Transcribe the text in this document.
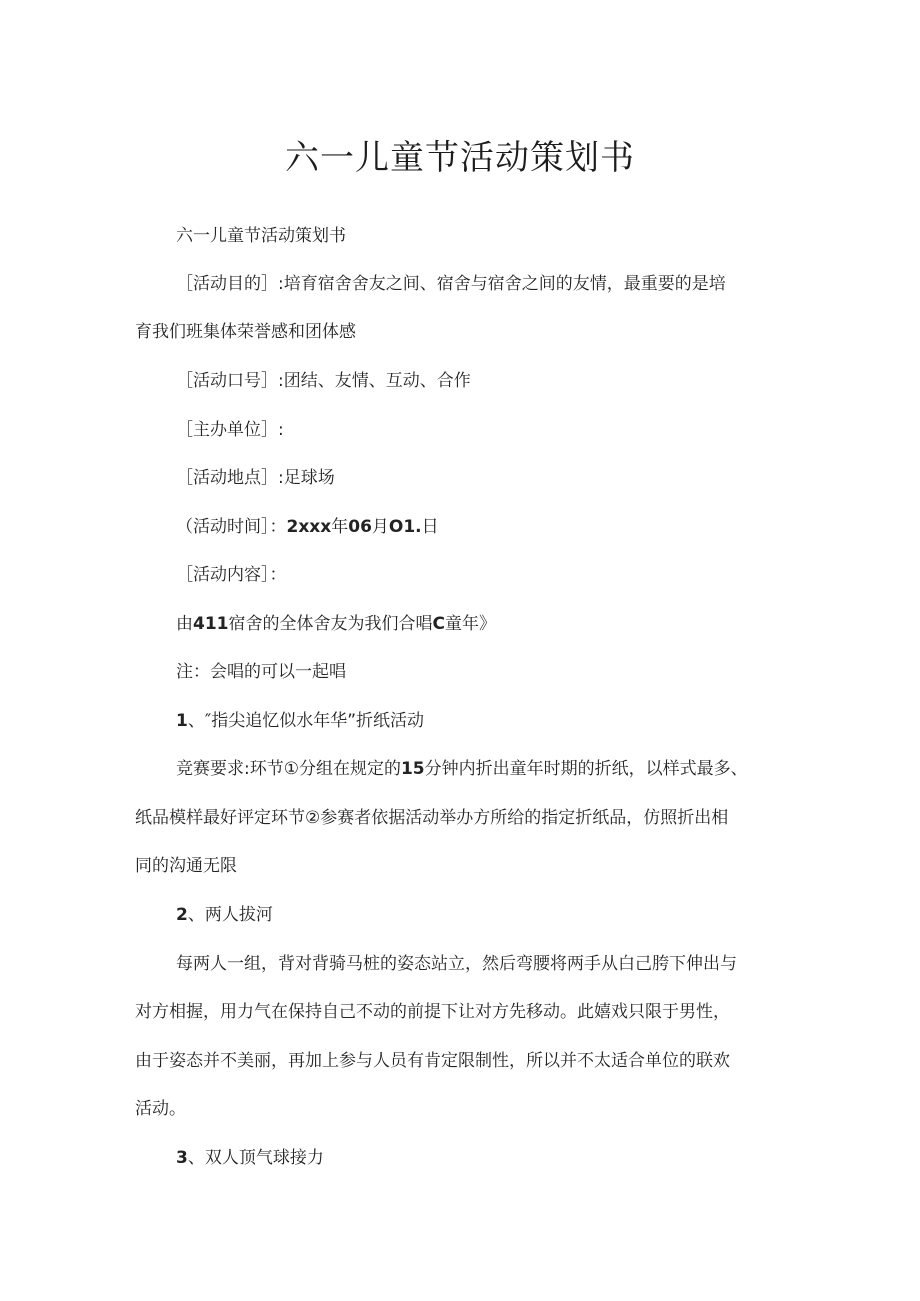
六一儿童节活动策划书
六一儿童节活动策划书
［活动目的］:培育宿舍舍友之间、宿舍与宿舍之间的友情，最重要的是培
育我们班集体荣誉感和团体感
［活动口号］:团结、友情、互动、合作
［主办单位］:
［活动地点］:足球场
（活动时间］：2xxx年06月O1.日
［活动内容］：
由411宿舍的全体舍友为我们合唱C童年》
注：会唱的可以一起唱
1、″指尖追忆似水年华”折纸活动
竞赛要求:环节①分组在规定的15分钟内折出童年时期的折纸，以样式最多、
纸品模样最好评定环节②参赛者依据活动举办方所给的指定折纸品，仿照折出相
同的沟通无限
2、两人拔河
每两人一组，背对背骑马桩的姿态站立，然后弯腰将两手从白己胯下伸出与
对方相握，用力气在保持自己不动的前提下让对方先移动。此嬉戏只限于男性，
由于姿态并不美丽，再加上参与人员有肯定限制性，所以并不太适合单位的联欢
活动。
3、双人顶气球接力
